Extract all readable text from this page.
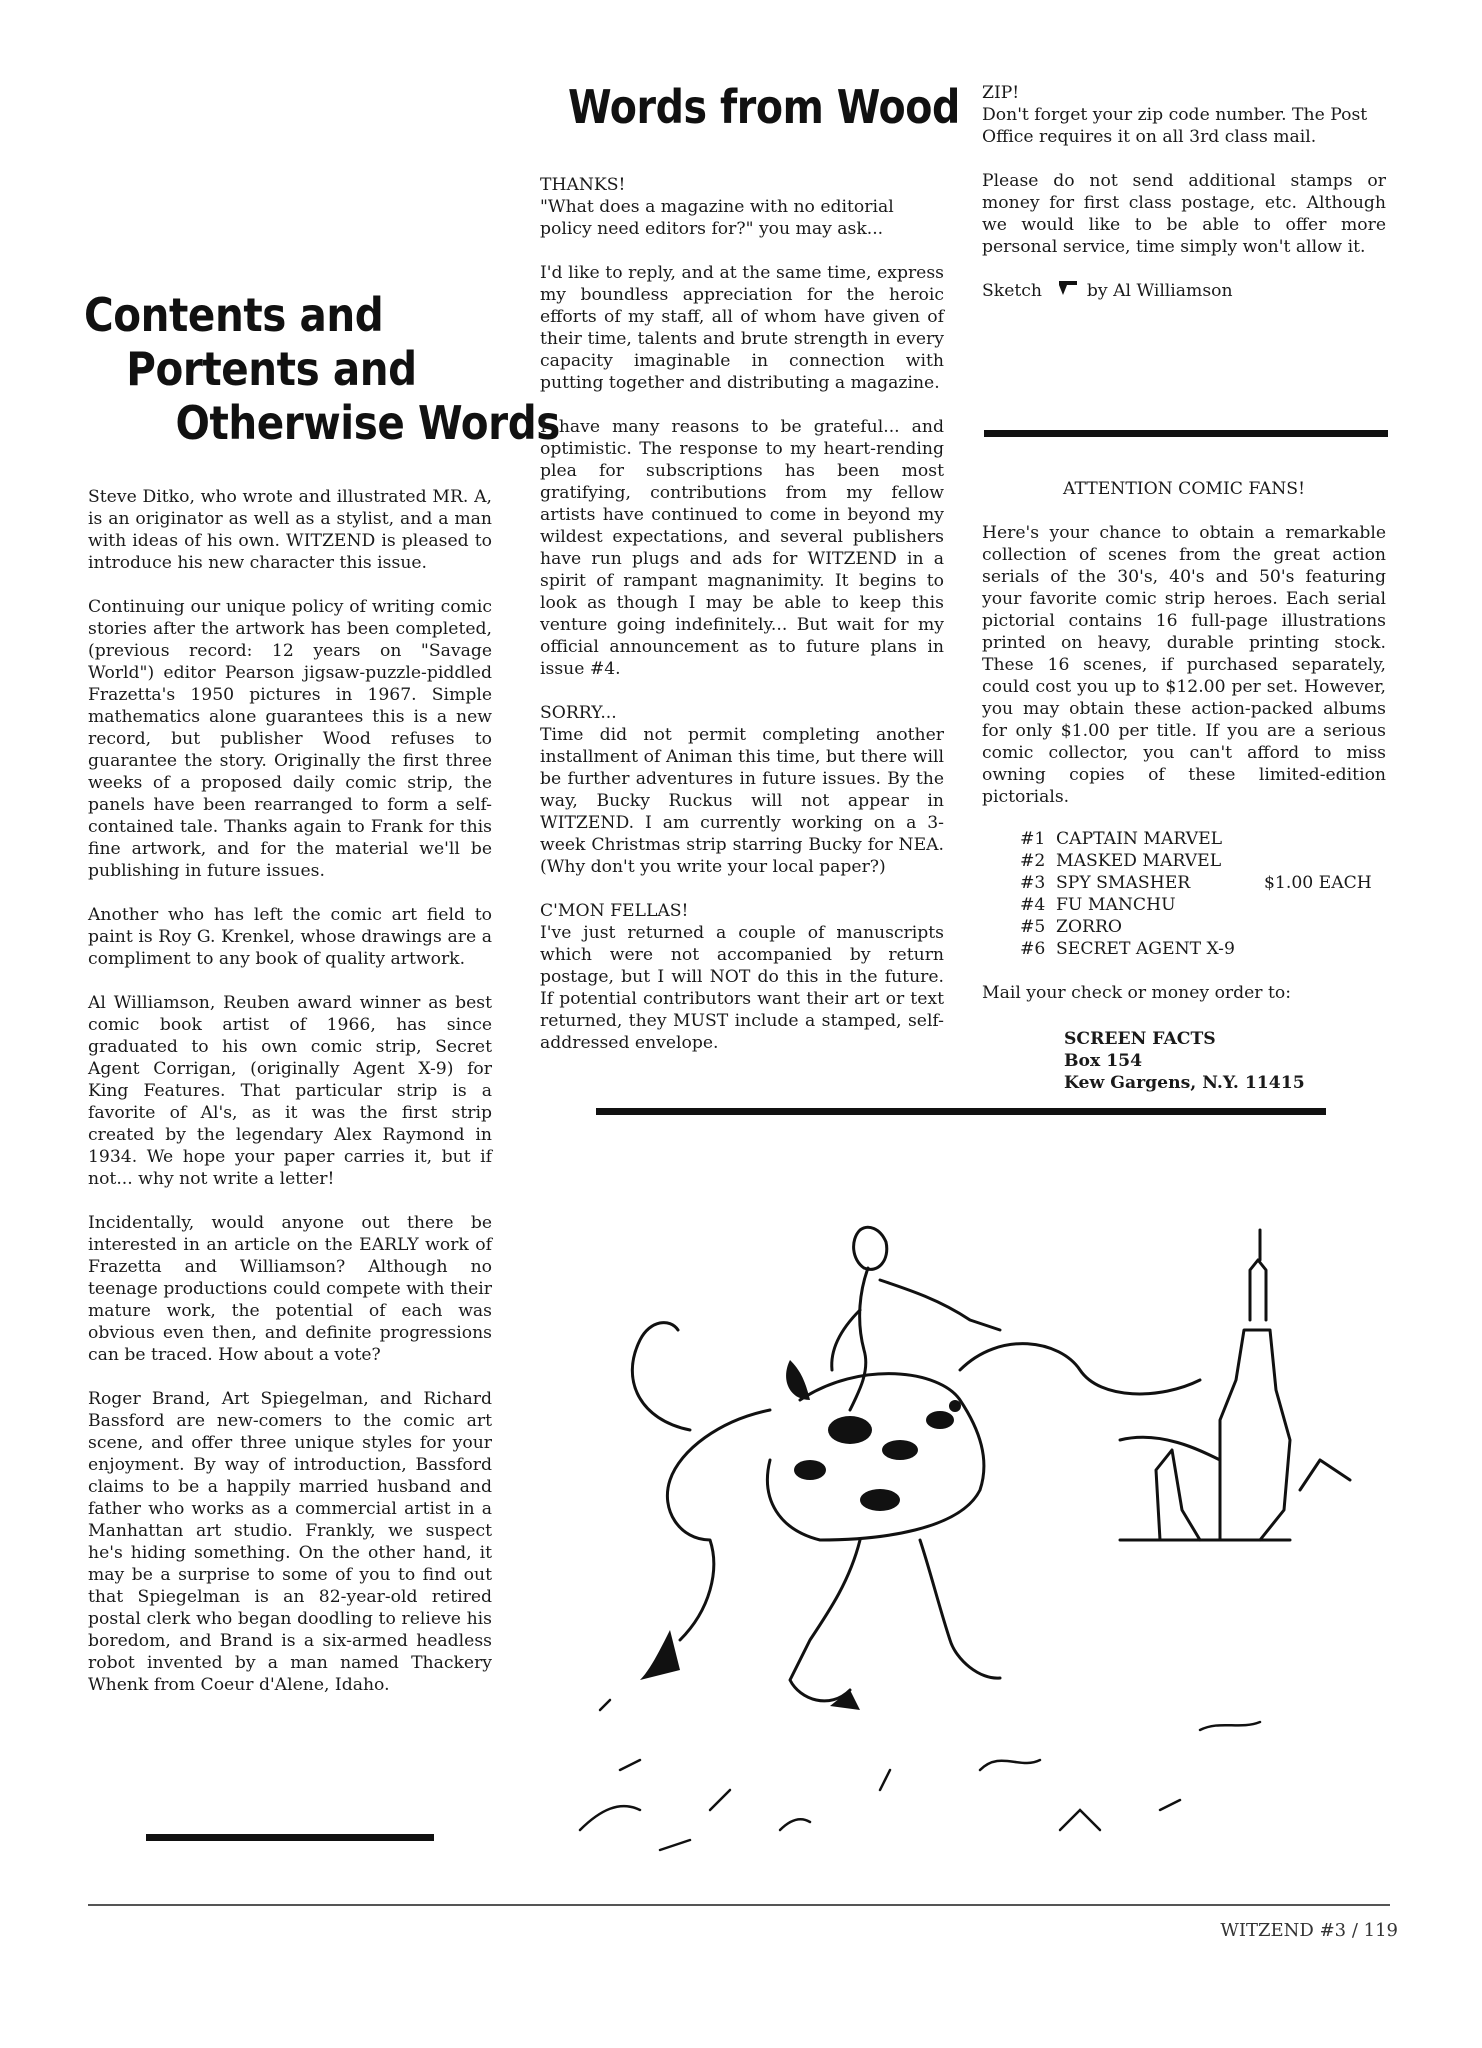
Contents and
Portents and
Otherwise Words

Steve Ditko, who wrote and illustrated MR. A, is an originator as well as a stylist, and a man with ideas of his own. WITZEND is pleased to introduce his new character this issue.

Continuing our unique policy of writing comic stories after the artwork has been completed, (previous record: 12 years on "Savage World") editor Pearson jigsaw-puzzle-piddled Frazetta's 1950 pictures in 1967. Simple mathematics alone guarantees this is a new record, but publisher Wood refuses to guarantee the story. Originally the first three weeks of a proposed daily comic strip, the panels have been rearranged to form a self-contained tale. Thanks again to Frank for this fine artwork, and for the material we'll be publishing in future issues.

Another who has left the comic art field to paint is Roy G. Krenkel, whose drawings are a compliment to any book of quality artwork.

Al Williamson, Reuben award winner as best comic book artist of 1966, has since graduated to his own comic strip, Secret Agent Corrigan, (originally Agent X-9) for King Features. That particular strip is a favorite of Al's, as it was the first strip created by the legendary Alex Raymond in 1934. We hope your paper carries it, but if not... why not write a letter!

Incidentally, would anyone out there be interested in an article on the EARLY work of Frazetta and Williamson? Although no teenage productions could compete with their mature work, the potential of each was obvious even then, and definite progressions can be traced. How about a vote?

Roger Brand, Art Spiegelman, and Richard Bassford are new-comers to the comic art scene, and offer three unique styles for your enjoyment. By way of introduction, Bassford claims to be a happily married husband and father who works as a commercial artist in a Manhattan art studio. Frankly, we suspect he's hiding something. On the other hand, it may be a surprise to some of you to find out that Spiegelman is an 82-year-old retired postal clerk who began doodling to relieve his boredom, and Brand is a six-armed headless robot invented by a man named Thackery Whenk from Coeur d'Alene, Idaho.

Words from Wood

THANKS!

"What does a magazine with no editorial policy need editors for?" you may ask...

I'd like to reply, and at the same time, express my boundless appreciation for the heroic efforts of my staff, all of whom have given of their time, talents and brute strength in every capacity imaginable in connection with putting together and distributing a magazine.

I have many reasons to be grateful... and optimistic. The response to my heart-rending plea for subscriptions has been most gratifying, contributions from my fellow artists have continued to come in beyond my wildest expectations, and several publishers have run plugs and ads for WITZEND in a spirit of rampant magnanimity. It begins to look as though I may be able to keep this venture going indefinitely... But wait for my official announcement as to future plans in issue #4.

SORRY...

Time did not permit completing another installment of Animan this time, but there will be further adventures in future issues. By the way, Bucky Ruckus will not appear in WITZEND. I am currently working on a 3-week Christmas strip starring Bucky for NEA. (Why don't you write your local paper?)

C'MON FELLAS!

I've just returned a couple of manuscripts which were not accompanied by return postage, but I will NOT do this in the future. If potential contributors want their art or text returned, they MUST include a stamped, self-addressed envelope.

ZIP!

Don't forget your zip code number. The Post Office requires it on all 3rd class mail.

Please do not send additional stamps or money for first class postage, etc. Although we would like to be able to offer more personal service, time simply won't allow it.

Sketch	by Al Williamson

ATTENTION COMIC FANS!

Here's your chance to obtain a remarkable collection of scenes from the great action serials of the 30's, 40's and 50's featuring your favorite comic strip heroes. Each serial pictorial contains 16 full-page illustrations printed on heavy, durable printing stock. These 16 scenes, if purchased separately, could cost you up to $12.00 per set. However, you may obtain these action-packed albums for only $1.00 per title. If you are a serious comic collector, you can't afford to miss owning copies of these limited-edition pictorials.

#1 CAPTAIN MARVEL
#2 MASKED MARVEL
#3 SPY SMASHER	$1.00 EACH
#4 FU MANCHU
#5 ZORRO
#6 SECRET AGENT X-9

Mail your check or money order to:

SCREEN FACTS
Box 154
Kew Gargens, N.Y. 11415
WITZEND #3 / 119
